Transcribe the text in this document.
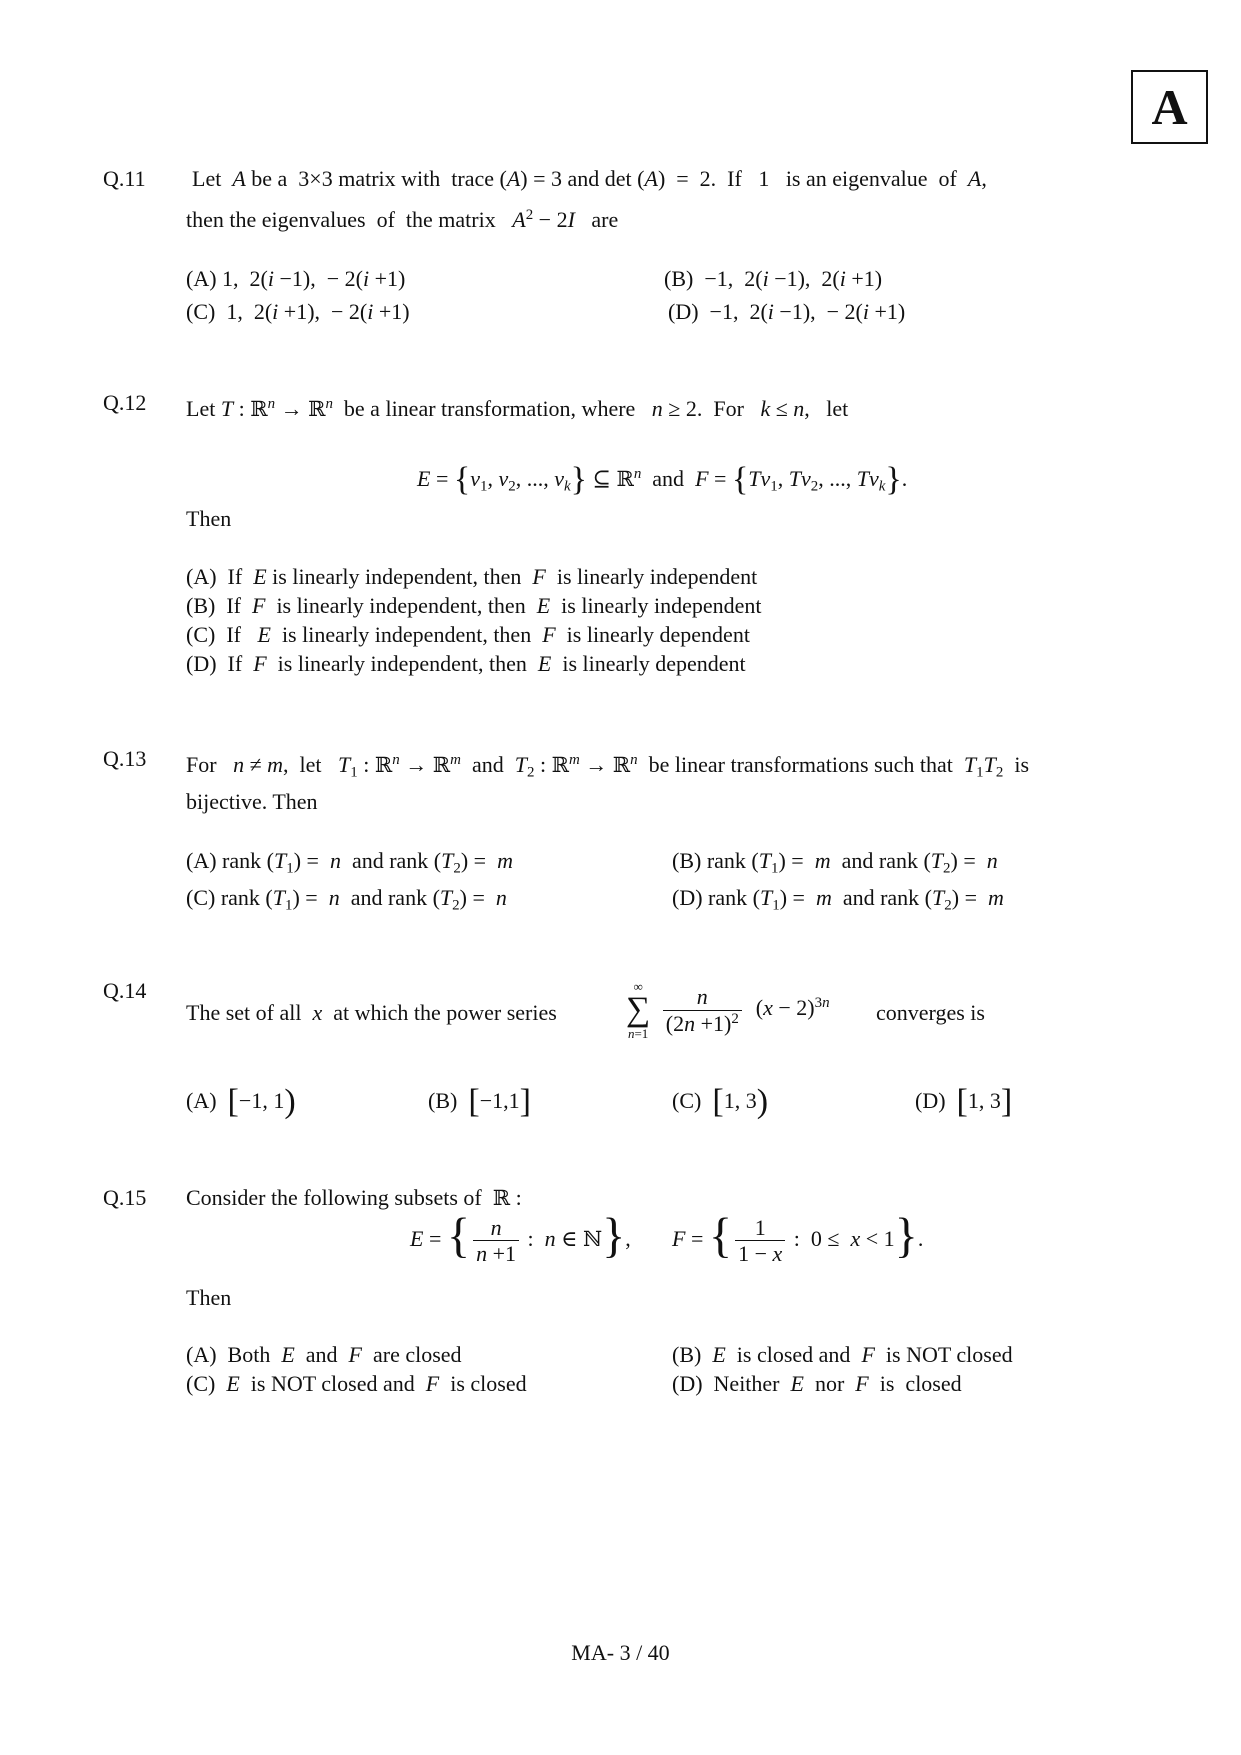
A
Q.11 Let  A be a  3×3 matrix with  trace (A) = 3 and det (A)  =  2.  If   1   is an eigenvalue  of  A,
then the eigenvalues  of  the matrix   $A^2 - 2I$   are
(A) 1,  2(i −1),  − 2(i +1)	(B)  −1,  2(i −1),  2(i +1)
(C)  1,  2(i +1),  − 2(i +1)	(D)  −1,  2(i −1),  − 2(i +1)
Q.12 Let T : ℝ$^n$ → ℝ$^n$  be a linear transformation, where   n ≥ 2.  For   k ≤ n,   let
$E = \{v_1$, $v_2$, ..., $v_k$} ⊆ ℝ$^n$  and  $F = \{Tv_1$, $Tv_2$, ..., $Tv_k$}.
Then
(A)  If  E is linearly independent, then  F  is linearly independent
(B)  If  F  is linearly independent, then  E  is linearly independent
(C)  If   E  is linearly independent, then  F  is linearly dependent
(D)  If  F  is linearly independent, then  E  is linearly dependent
Q.13 For   n ≠ m,  let   $T_1$ : ℝ$^n$ → ℝ$^m$  and  $T_2$ : ℝ$^m$ → ℝ$^n$  be linear transformations such that  $T_1T_2$  is
bijective. Then
(A) rank $(T_1) = n$  and rank $(T_2) = m$	(B) rank $(T_1) = m$  and rank $(T_2) = n$
(C) rank $(T_1) = n$  and rank $(T_2) = n$	(D) rank $(T_1) = m$  and rank $(T_2) = m$
Q.14
The set of all  x  at which the power series
∞
∑
n=1
$\frac{n}{(2n +1)^2} (x - 2)^{3n}$ converges is
(A)  [−1, 1)	(B)  [−1,1]	(C)  [1, 3)	(D)  [1, 3]
Q.15 Consider the following subsets of  ℝ :
E = { $\frac{n}{n +1}$ :  n ∈ ℕ}, F = { $\frac{1}{1 - x}$ :  0 ≤  x < 1}.
Then
(A)  Both  E  and  F  are closed	(B)  E  is closed and  F  is NOT closed
(C)  E  is NOT closed and  F  is closed	(D)  Neither  E  nor  F  is  closed
MA- 3 / 40
